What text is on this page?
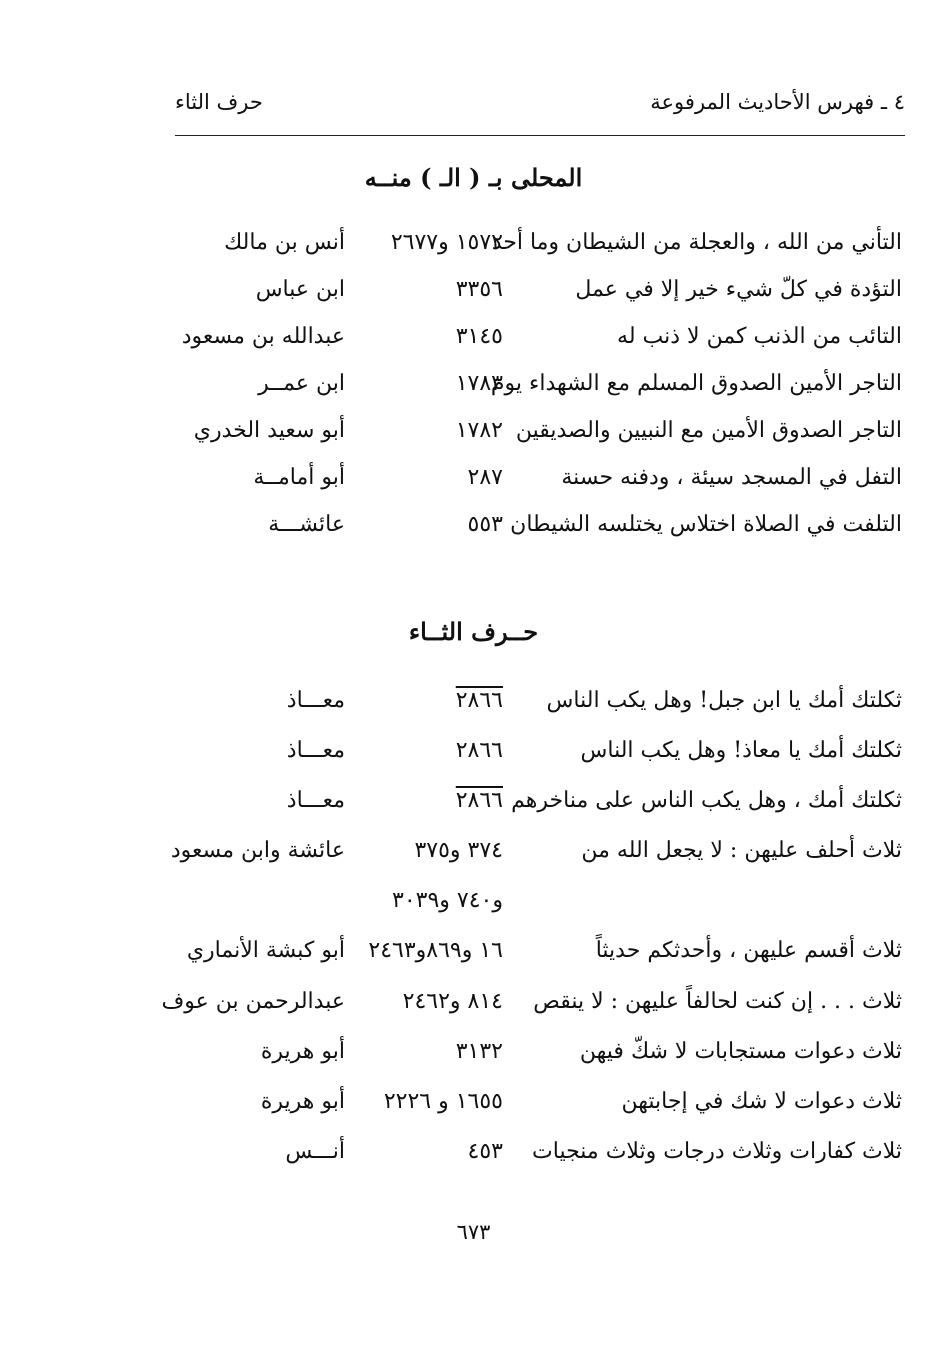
٤ ـ فهرس الأحاديث المرفوعة
حرف الثاء
المحلى بـ ( الـ ) منــه
التأني من الله ، والعجلة من الشيطان وما أحد
١٥٧٢ و٢٦٧٧
أنس بن مالك
التؤدة في كلّ شيء خير إلا في عمل
٣٣٥٦
ابن عباس
التائب من الذنب كمن لا ذنب له
٣١٤٥
عبدالله بن مسعود
التاجر الأمين الصدوق المسلم مع الشهداء يوم
١٧٨٣
ابن عمــر
التاجر الصدوق الأمين مع النبيين والصديقين
١٧٨٢
أبو سعيد الخدري
التفل في المسجد سيئة ، ودفنه حسنة
٢٨٧
أبو أمامــة
التلفت في الصلاة اختلاس يختلسه الشيطان
٥٥٣
عائشـــة
حــرف الثــاء
ثكلتك أمك يا ابن جبل! وهل يكب الناس
٢٨٦٦
معـــاذ
ثكلتك أمك يا معاذ! وهل يكب الناس
٢٨٦٦
معـــاذ
ثكلتك أمك ، وهل يكب الناس على مناخرهم
٢٨٦٦
معـــاذ
ثلاث أحلف عليهن : لا يجعل الله من
٣٧٤ و٣٧٥
عائشة وابن مسعود
و٧٤٠ و٣٠٣٩
ثلاث أقسم عليهن ، وأحدثكم حديثاً
١٦ و٨٦٩و٢٤٦٣
أبو كبشة الأنماري
ثلاث . . . إن كنت لحالفاً عليهن : لا ينقص
٨١٤ و٢٤٦٢
عبدالرحمن بن عوف
ثلاث دعوات مستجابات لا شكّ فيهن
٣١٣٢
أبو هريرة
ثلاث دعوات لا شك في إجابتهن
١٦٥٥ و ٢٢٢٦
أبو هريرة
ثلاث كفارات وثلاث درجات وثلاث منجيات
٤٥٣
أنـــس
٦٧٣
